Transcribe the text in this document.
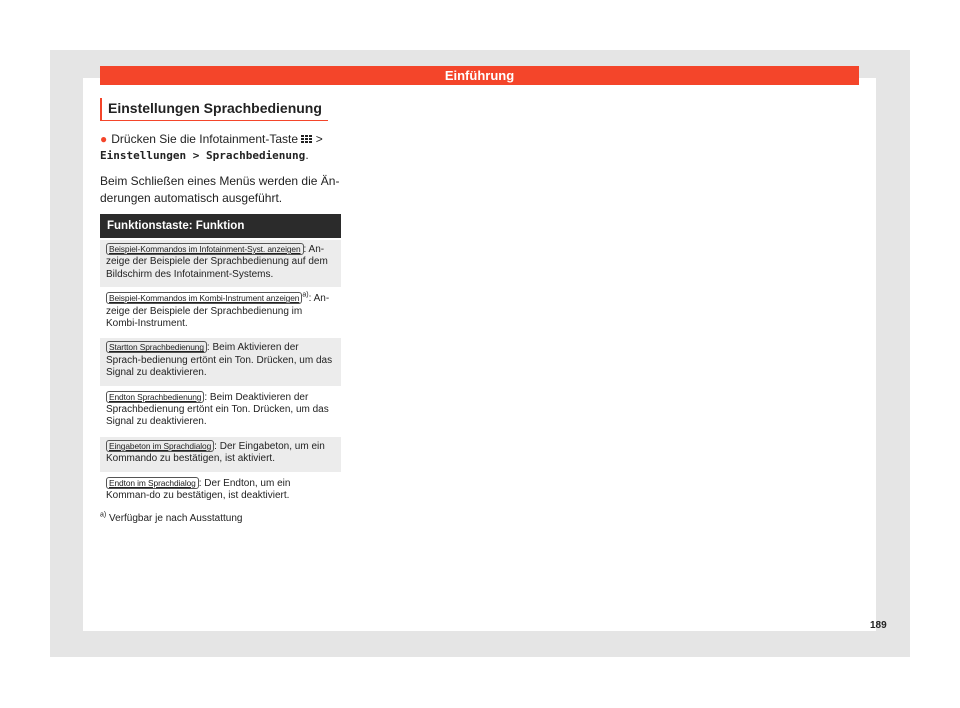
Einführung
Einstellungen Sprachbedienung
● Drücken Sie die Infotainment-Taste >
Einstellungen > Sprachbedienung.
Beim Schließen eines Menüs werden die Än-derungen automatisch ausgeführt.
Funktionstaste: Funktion
Beispiel-Kommandos im Infotainment-Syst. anzeigen : An-zeige der Beispiele der Sprachbedienung auf dem Bildschirm des Infotainment-Systems.
Beispiel-Kommandos im Kombi-Instrument anzeigen $^{a)}$: An-zeige der Beispiele der Sprachbedienung im Kombi-Instrument.
Startton Sprachbedienung : Beim Aktivieren der Sprach-bedienung ertönt ein Ton. Drücken, um das Signal zu deaktivieren.
Endton Sprachbedienung : Beim Deaktivieren der Sprachbedienung ertönt ein Ton. Drücken, um das Signal zu deaktivieren.
Eingabeton im Sprachdialog : Der Eingabeton, um ein Kommando zu bestätigen, ist aktiviert.
Endton im Sprachdialog : Der Endton, um ein Komman-do zu bestätigen, ist deaktiviert.
$^{a)}$ Verfügbar je nach Ausstattung
189
